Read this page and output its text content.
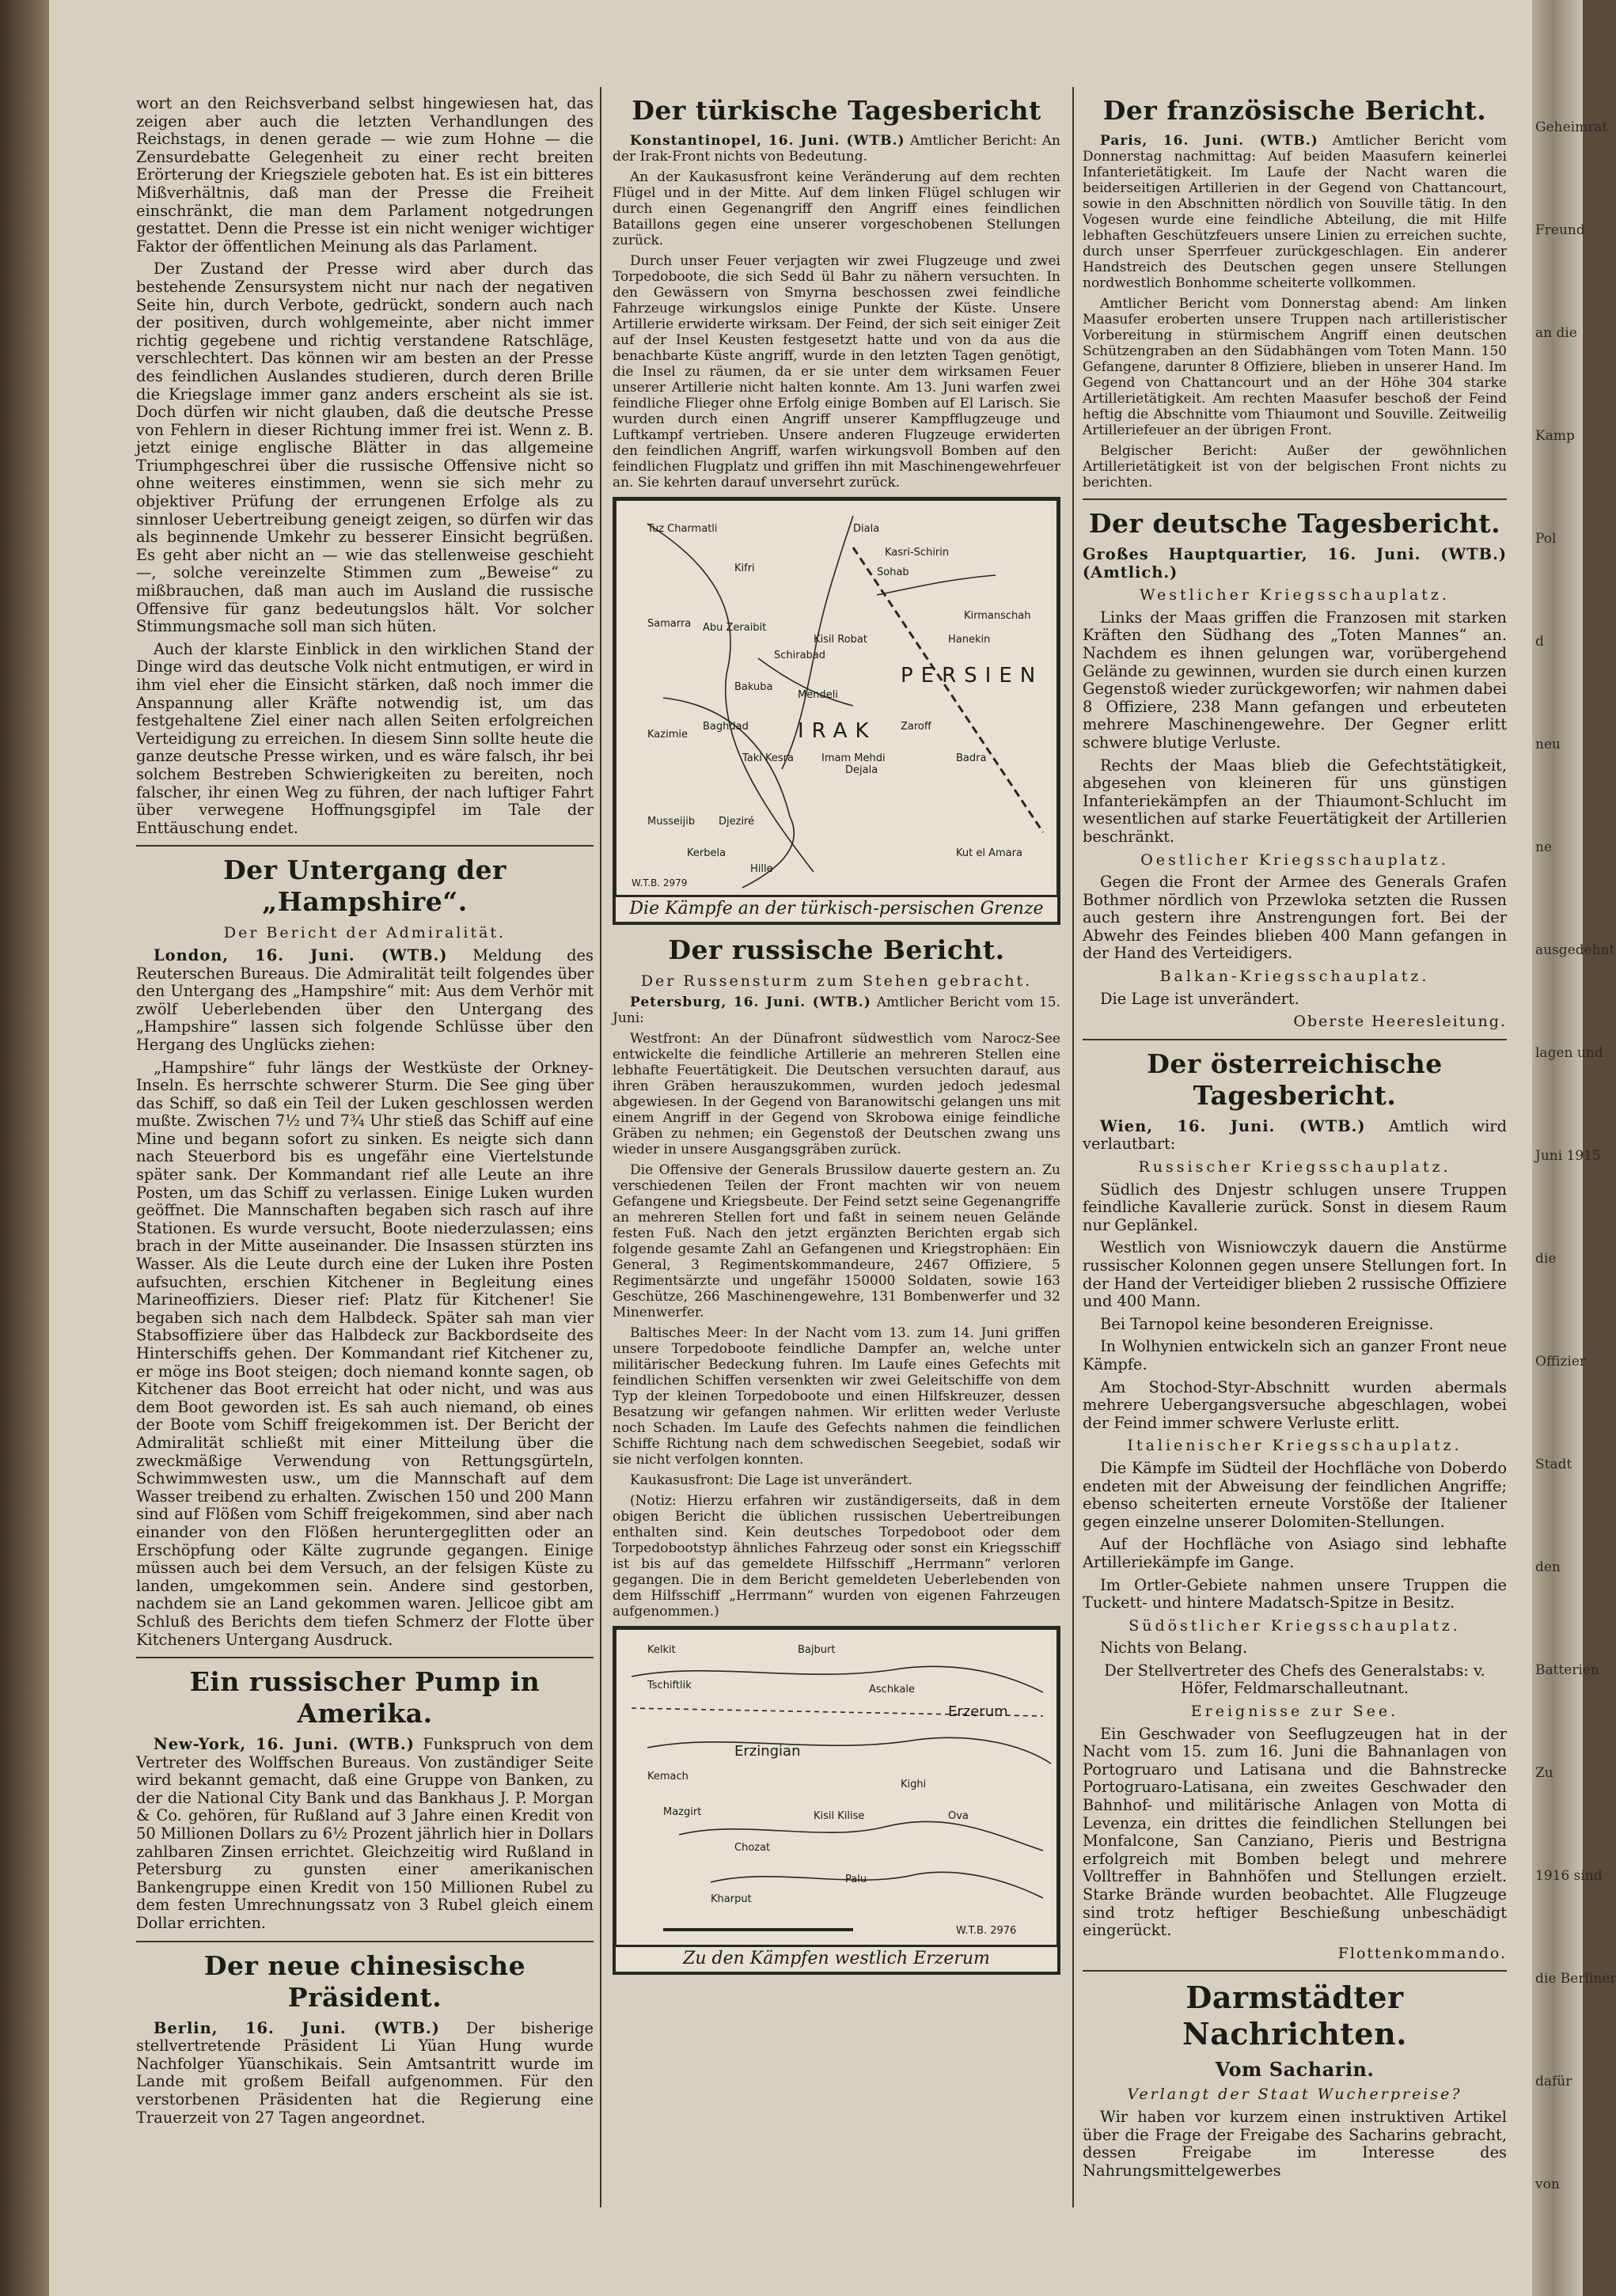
Geheimrat
Freund
an die
Kamp
Pol
d
neu
ne
ausgedehnt
lagen und
Juni 1915
die
Offizier
Stadt
den
Batterien
Zu
1916 sind
die Berliner
dafür
von

wort an den Reichsverband selbst hingewiesen hat, das zeigen aber auch die letzten Verhandlungen des Reichstags, in denen gerade — wie zum Hohne — die Zensurdebatte Gelegenheit zu einer recht breiten Erörterung der Kriegsziele geboten hat. Es ist ein bitteres Mißverhältnis, daß man der Presse die Freiheit einschränkt, die man dem Parlament notgedrungen gestattet. Denn die Presse ist ein nicht weniger wichtiger Faktor der öffentlichen Meinung als das Parlament.

Der Zustand der Presse wird aber durch das bestehende Zensursystem nicht nur nach der negativen Seite hin, durch Verbote, gedrückt, sondern auch nach der positiven, durch wohlgemeinte, aber nicht immer richtig gegebene und richtig verstandene Ratschläge, verschlechtert. Das können wir am besten an der Presse des feindlichen Auslandes studieren, durch deren Brille die Kriegslage immer ganz anders erscheint als sie ist. Doch dürfen wir nicht glauben, daß die deutsche Presse von Fehlern in dieser Richtung immer frei ist. Wenn z. B. jetzt einige englische Blätter in das allgemeine Triumphgeschrei über die russische Offensive nicht so ohne weiteres einstimmen, wenn sie sich mehr zu objektiver Prüfung der errungenen Erfolge als zu sinnloser Uebertreibung geneigt zeigen, so dürfen wir das als beginnende Umkehr zu besserer Einsicht begrüßen. Es geht aber nicht an — wie das stellenweise geschieht —, solche vereinzelte Stimmen zum „Beweise“ zu mißbrauchen, daß man auch im Ausland die russische Offensive für ganz bedeutungslos hält. Vor solcher Stimmungsmache soll man sich hüten.

Auch der klarste Einblick in den wirklichen Stand der Dinge wird das deutsche Volk nicht entmutigen, er wird in ihm viel eher die Einsicht stärken, daß noch immer die Anspannung aller Kräfte notwendig ist, um das festgehaltene Ziel einer nach allen Seiten erfolgreichen Verteidigung zu erreichen. In diesem Sinn sollte heute die ganze deutsche Presse wirken, und es wäre falsch, ihr bei solchem Bestreben Schwierigkeiten zu bereiten, noch falscher, ihr einen Weg zu führen, der nach luftiger Fahrt über verwegene Hoffnungsgipfel im Tale der Enttäuschung endet.

Der Untergang der „Hampshire“.
Der Bericht der Admiralität.

London, 16. Juni. (WTB.) Meldung des Reuterschen Bureaus. Die Admiralität teilt folgendes über den Untergang des „Hampshire“ mit: Aus dem Verhör mit zwölf Ueberlebenden über den Untergang des „Hampshire“ lassen sich folgende Schlüsse über den Hergang des Unglücks ziehen:

„Hampshire“ fuhr längs der Westküste der Orkney-Inseln. Es herrschte schwerer Sturm. Die See ging über das Schiff, so daß ein Teil der Luken geschlossen werden mußte. Zwischen 7½ und 7¾ Uhr stieß das Schiff auf eine Mine und begann sofort zu sinken. Es neigte sich dann nach Steuerbord bis es ungefähr eine Viertelstunde später sank. Der Kommandant rief alle Leute an ihre Posten, um das Schiff zu verlassen. Einige Luken wurden geöffnet. Die Mannschaften begaben sich rasch auf ihre Stationen. Es wurde versucht, Boote niederzulassen; eins brach in der Mitte auseinander. Die Insassen stürzten ins Wasser. Als die Leute durch eine der Luken ihre Posten aufsuchten, erschien Kitchener in Begleitung eines Marineoffiziers. Dieser rief: Platz für Kitchener! Sie begaben sich nach dem Halbdeck. Später sah man vier Stabsoffiziere über das Halbdeck zur Backbordseite des Hinterschiffs gehen. Der Kommandant rief Kitchener zu, er möge ins Boot steigen; doch niemand konnte sagen, ob Kitchener das Boot erreicht hat oder nicht, und was aus dem Boot geworden ist. Es sah auch niemand, ob eines der Boote vom Schiff freigekommen ist. Der Bericht der Admiralität schließt mit einer Mitteilung über die zweckmäßige Verwendung von Rettungsgürteln, Schwimmwesten usw., um die Mannschaft auf dem Wasser treibend zu erhalten. Zwischen 150 und 200 Mann sind auf Flößen vom Schiff freigekommen, sind aber nach einander von den Flößen heruntergeglitten oder an Erschöpfung oder Kälte zugrunde gegangen. Einige müssen auch bei dem Versuch, an der felsigen Küste zu landen, umgekommen sein. Andere sind gestorben, nachdem sie an Land gekommen waren. Jellicoe gibt am Schluß des Berichts dem tiefen Schmerz der Flotte über Kitcheners Untergang Ausdruck.

Ein russischer Pump in Amerika.

New-York, 16. Juni. (WTB.) Funkspruch von dem Vertreter des Wolffschen Bureaus. Von zuständiger Seite wird bekannt gemacht, daß eine Gruppe von Banken, zu der die National City Bank und das Bankhaus J. P. Morgan & Co. gehören, für Rußland auf 3 Jahre einen Kredit von 50 Millionen Dollars zu 6½ Prozent jährlich hier in Dollars zahlbaren Zinsen errichtet. Gleichzeitig wird Rußland in Petersburg zu gunsten einer amerikanischen Bankengruppe einen Kredit von 150 Millionen Rubel zu dem festen Umrechnungssatz von 3 Rubel gleich einem Dollar errichten.

Der neue chinesische Präsident.

Berlin, 16. Juni. (WTB.) Der bisherige stellvertretende Präsident Li Yüan Hung wurde Nachfolger Yüanschikais. Sein Amtsantritt wurde im Lande mit großem Beifall aufgenommen. Für den verstorbenen Präsidenten hat die Regierung eine Trauerzeit von 27 Tagen angeordnet.

Der türkische Tagesbericht

Konstantinopel, 16. Juni. (WTB.) Amtlicher Bericht: An der Irak-Front nichts von Bedeutung.

An der Kaukasusfront keine Veränderung auf dem rechten Flügel und in der Mitte. Auf dem linken Flügel schlugen wir durch einen Gegenangriff den Angriff eines feindlichen Bataillons gegen eine unserer vorgeschobenen Stellungen zurück.

Durch unser Feuer verjagten wir zwei Flugzeuge und zwei Torpedoboote, die sich Sedd ül Bahr zu nähern versuchten. In den Gewässern von Smyrna beschossen zwei feindliche Fahrzeuge wirkungslos einige Punkte der Küste. Unsere Artillerie erwiderte wirksam. Der Feind, der sich seit einiger Zeit auf der Insel Keusten festgesetzt hatte und von da aus die benachbarte Küste angriff, wurde in den letzten Tagen genötigt, die Insel zu räumen, da er sie unter dem wirksamen Feuer unserer Artillerie nicht halten konnte. Am 13. Juni warfen zwei feindliche Flieger ohne Erfolg einige Bomben auf El Larisch. Sie wurden durch einen Angriff unserer Kampfflugzeuge und Luftkampf vertrieben. Unsere anderen Flugzeuge erwiderten den feindlichen Angriff, warfen wirkungsvoll Bomben auf den feindlichen Flugplatz und griffen ihn mit Maschinengewehrfeuer an. Sie kehrten darauf unversehrt zurück.

Tuz Charmatli
Kifri
Diala
Kasri-Schirin
Sohab
Kirmanschah
Hanekin
PERSIEN
Samarra Abu Zeraibit
Kisil Robat
Schirabad
Bakuba
Mendeli
Baghdad	Zaroff
Kazimie
Imam Mehdi
Dejala
Badra
Taki Kesra
Musseijib Djeziré
Kut el Amara
Kerbela
Hille
IRAK
W.T.B. 2979
Die Kämpfe an der türkisch-persischen Grenze
Der russische Bericht.
Der Russensturm zum Stehen gebracht.

Petersburg, 16. Juni. (WTB.) Amtlicher Bericht vom 15. Juni:

Westfront: An der Dünafront südwestlich vom Narocz-See entwickelte die feindliche Artillerie an mehreren Stellen eine lebhafte Feuertätigkeit. Die Deutschen versuchten darauf, aus ihren Gräben herauszukommen, wurden jedoch jedesmal abgewiesen. In der Gegend von Baranowitschi gelangen uns mit einem Angriff in der Gegend von Skrobowa einige feindliche Gräben zu nehmen; ein Gegenstoß der Deutschen zwang uns wieder in unsere Ausgangsgräben zurück.

Die Offensive der Generals Brussilow dauerte gestern an. Zu verschiedenen Teilen der Front machten wir von neuem Gefangene und Kriegsbeute. Der Feind setzt seine Gegenangriffe an mehreren Stellen fort und faßt in seinem neuen Gelände festen Fuß. Nach den jetzt ergänzten Berichten ergab sich folgende gesamte Zahl an Gefangenen und Kriegstrophäen: Ein General, 3 Regimentskommandeure, 2467 Offiziere, 5 Regimentsärzte und ungefähr 150000 Soldaten, sowie 163 Geschütze, 266 Maschinengewehre, 131 Bombenwerfer und 32 Minenwerfer.

Baltisches Meer: In der Nacht vom 13. zum 14. Juni griffen unsere Torpedoboote feindliche Dampfer an, welche unter militärischer Bedeckung fuhren. Im Laufe eines Gefechts mit feindlichen Schiffen versenkten wir zwei Geleitschiffe von dem Typ der kleinen Torpedoboote und einen Hilfskreuzer, dessen Besatzung wir gefangen nahmen. Wir erlitten weder Verluste noch Schaden. Im Laufe des Gefechts nahmen die feindlichen Schiffe Richtung nach dem schwedischen Seegebiet, sodaß wir sie nicht verfolgen konnten.

Kaukasusfront: Die Lage ist unverändert.

(Notiz: Hierzu erfahren wir zuständigerseits, daß in dem obigen Bericht die üblichen russischen Uebertreibungen enthalten sind. Kein deutsches Torpedoboot oder dem Torpedobootstyp ähnliches Fahrzeug oder sonst ein Kriegsschiff ist bis auf das gemeldete Hilfsschiff „Herrmann“ verloren gegangen. Die in dem Bericht gemeldeten Ueberlebenden von dem Hilfsschiff „Herrmann“ wurden von eigenen Fahrzeugen aufgenommen.)

Kelkit	Bajburt
Tschiftlik	Aschkale
Erzerum
Erzingian
Kemach
Kighi
Kisil Kilise
Chozat
Palu
Kharput
Mazgirt	Ova
W.T.B. 2976
Zu den Kämpfen westlich Erzerum
Der französische Bericht.

Paris, 16. Juni. (WTB.) Amtlicher Bericht vom Donnerstag nachmittag: Auf beiden Maasufern keinerlei Infanterietätigkeit. Im Laufe der Nacht waren die beiderseitigen Artillerien in der Gegend von Chattancourt, sowie in den Abschnitten nördlich von Souville tätig. In den Vogesen wurde eine feindliche Abteilung, die mit Hilfe lebhaften Geschützfeuers unsere Linien zu erreichen suchte, durch unser Sperrfeuer zurückgeschlagen. Ein anderer Handstreich des Deutschen gegen unsere Stellungen nordwestlich Bonhomme scheiterte vollkommen.

Amtlicher Bericht vom Donnerstag abend: Am linken Maasufer eroberten unsere Truppen nach artilleristischer Vorbereitung in stürmischem Angriff einen deutschen Schützengraben an den Südabhängen vom Toten Mann. 150 Gefangene, darunter 8 Offiziere, blieben in unserer Hand. Im Gegend von Chattancourt und an der Höhe 304 starke Artillerietätigkeit. Am rechten Maasufer beschoß der Feind heftig die Abschnitte vom Thiaumont und Souville. Zeitweilig Artilleriefeuer an der übrigen Front.

Belgischer Bericht: Außer der gewöhnlichen Artillerietätigkeit ist von der belgischen Front nichts zu berichten.

Der deutsche Tagesbericht.

Großes Hauptquartier, 16. Juni. (WTB.) (Amtlich.)

Westlicher Kriegsschauplatz.

Links der Maas griffen die Franzosen mit starken Kräften den Südhang des „Toten Mannes“ an. Nachdem es ihnen gelungen war, vorübergehend Gelände zu gewinnen, wurden sie durch einen kurzen Gegenstoß wieder zurückgeworfen; wir nahmen dabei 8 Offiziere, 238 Mann gefangen und erbeuteten mehrere Maschinengewehre. Der Gegner erlitt schwere blutige Verluste.

Rechts der Maas blieb die Gefechtstätigkeit, abgesehen von kleineren für uns günstigen Infanteriekämpfen an der Thiaumont-Schlucht im wesentlichen auf starke Feuertätigkeit der Artillerien beschränkt.

Oestlicher Kriegsschauplatz.

Gegen die Front der Armee des Generals Grafen Bothmer nördlich von Przewloka setzten die Russen auch gestern ihre Anstrengungen fort. Bei der Abwehr des Feindes blieben 400 Mann gefangen in der Hand des Verteidigers.

Balkan-Kriegsschauplatz.

Die Lage ist unverändert.

Oberste Heeresleitung.
Der österreichische Tagesbericht.

Wien, 16. Juni. (WTB.) Amtlich wird verlautbart:

Russischer Kriegsschauplatz.

Südlich des Dnjestr schlugen unsere Truppen feindliche Kavallerie zurück. Sonst in diesem Raum nur Geplänkel.

Westlich von Wisniowczyk dauern die Anstürme russischer Kolonnen gegen unsere Stellungen fort. In der Hand der Verteidiger blieben 2 russische Offiziere und 400 Mann.

Bei Tarnopol keine besonderen Ereignisse.

In Wolhynien entwickeln sich an ganzer Front neue Kämpfe.

Am Stochod-Styr-Abschnitt wurden abermals mehrere Uebergangsversuche abgeschlagen, wobei der Feind immer schwere Verluste erlitt.

Italienischer Kriegsschauplatz.

Die Kämpfe im Südteil der Hochfläche von Doberdo endeten mit der Abweisung der feindlichen Angriffe; ebenso scheiterten erneute Vorstöße der Italiener gegen einzelne unserer Dolomiten-Stellungen.

Auf der Hochfläche von Asiago sind lebhafte Artilleriekämpfe im Gange.

Im Ortler-Gebiete nahmen unsere Truppen die Tuckett- und hintere Madatsch-Spitze in Besitz.

Südöstlicher Kriegsschauplatz.

Nichts von Belang.

Der Stellvertreter des Chefs des Generalstabs: v. Höfer, Feldmarschalleutnant.

Ereignisse zur See.

Ein Geschwader von Seeflugzeugen hat in der Nacht vom 15. zum 16. Juni die Bahnanlagen von Portogruaro und Latisana und die Bahnstrecke Portogruaro-Latisana, ein zweites Geschwader den Bahnhof- und militärische Anlagen von Motta di Levenza, ein drittes die feindlichen Stellungen bei Monfalcone, San Canziano, Pieris und Bestrigna erfolgreich mit Bomben belegt und mehrere Volltreffer in Bahnhöfen und Stellungen erzielt. Starke Brände wurden beobachtet. Alle Flugzeuge sind trotz heftiger Beschießung unbeschädigt eingerückt.

Flottenkommando.
Darmstädter Nachrichten.
Vom Sacharin.
Verlangt der Staat Wucherpreise?

Wir haben vor kurzem einen instruktiven Artikel über die Frage der Freigabe des Sacharins gebracht, dessen Freigabe im Interesse des Nahrungsmittelgewerbes
